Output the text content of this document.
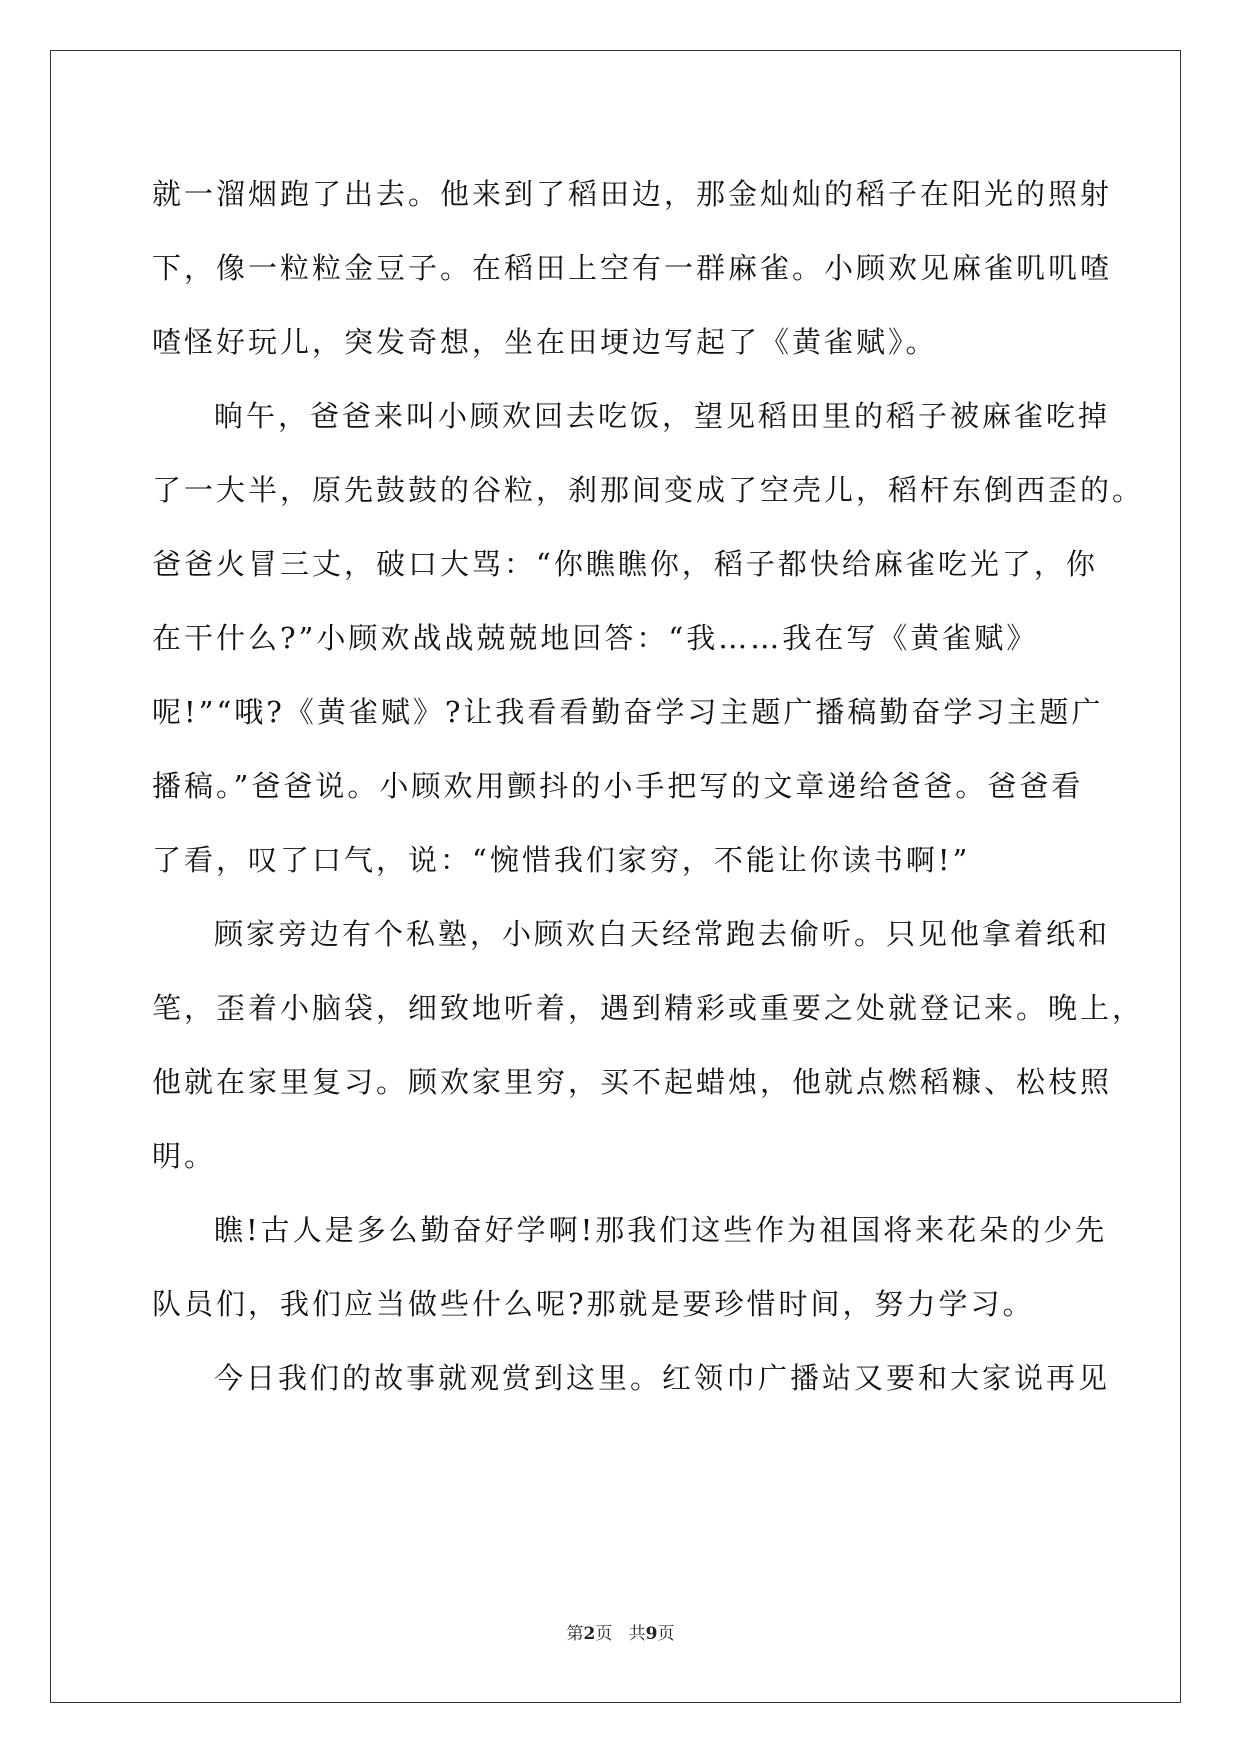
就一溜烟跑了出去。他来到了稻田边，那金灿灿的稻子在阳光的照射
下，像一粒粒金豆子。在稻田上空有一群麻雀。小顾欢见麻雀叽叽喳
喳怪好玩儿，突发奇想，坐在田埂边写起了《黄雀赋》。
晌午，爸爸来叫小顾欢回去吃饭，望见稻田里的稻子被麻雀吃掉
了一大半，原先鼓鼓的谷粒，刹那间变成了空壳儿，稻杆东倒西歪的。
爸爸火冒三丈，破口大骂：“你瞧瞧你，稻子都快给麻雀吃光了，你
在干什么?”小顾欢战战兢兢地回答：“我……我在写《黄雀赋》
呢!”“哦?《黄雀赋》?让我看看勤奋学习主题广播稿勤奋学习主题广
播稿。”爸爸说。小顾欢用颤抖的小手把写的文章递给爸爸。爸爸看
了看，叹了口气，说：“惋惜我们家穷，不能让你读书啊!”
顾家旁边有个私塾，小顾欢白天经常跑去偷听。只见他拿着纸和
笔，歪着小脑袋，细致地听着，遇到精彩或重要之处就登记来。晚上，
他就在家里复习。顾欢家里穷，买不起蜡烛，他就点燃稻糠、松枝照
明。
瞧!古人是多么勤奋好学啊!那我们这些作为祖国将来花朵的少先
队员们，我们应当做些什么呢?那就是要珍惜时间，努力学习。
今日我们的故事就观赏到这里。红领巾广播站又要和大家说再见
第2页 共9页
